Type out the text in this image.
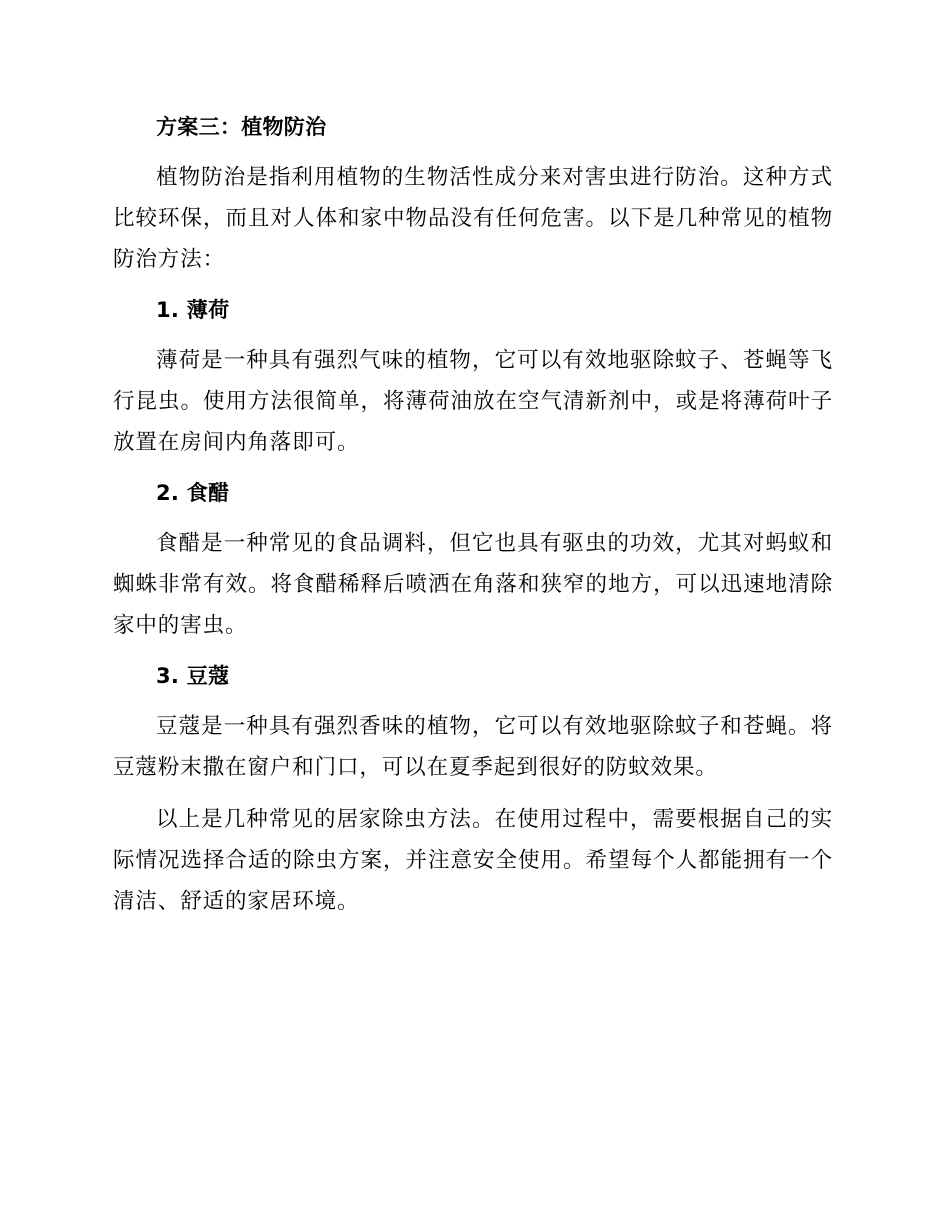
方案三：植物防治

植物防治是指利用植物的生物活性成分来对害虫进行防治。这种方式比较环保，而且对人体和家中物品没有任何危害。以下是几种常见的植物防治方法：

1. 薄荷

薄荷是一种具有强烈气味的植物，它可以有效地驱除蚊子、苍蝇等飞行昆虫。使用方法很简单，将薄荷油放在空气清新剂中，或是将薄荷叶子放置在房间内角落即可。

2. 食醋

食醋是一种常见的食品调料，但它也具有驱虫的功效，尤其对蚂蚁和蜘蛛非常有效。将食醋稀释后喷洒在角落和狭窄的地方，可以迅速地清除家中的害虫。

3. 豆蔻

豆蔻是一种具有强烈香味的植物，它可以有效地驱除蚊子和苍蝇。将豆蔻粉末撒在窗户和门口，可以在夏季起到很好的防蚊效果。

以上是几种常见的居家除虫方法。在使用过程中，需要根据自己的实际情况选择合适的除虫方案，并注意安全使用。希望每个人都能拥有一个清洁、舒适的家居环境。
